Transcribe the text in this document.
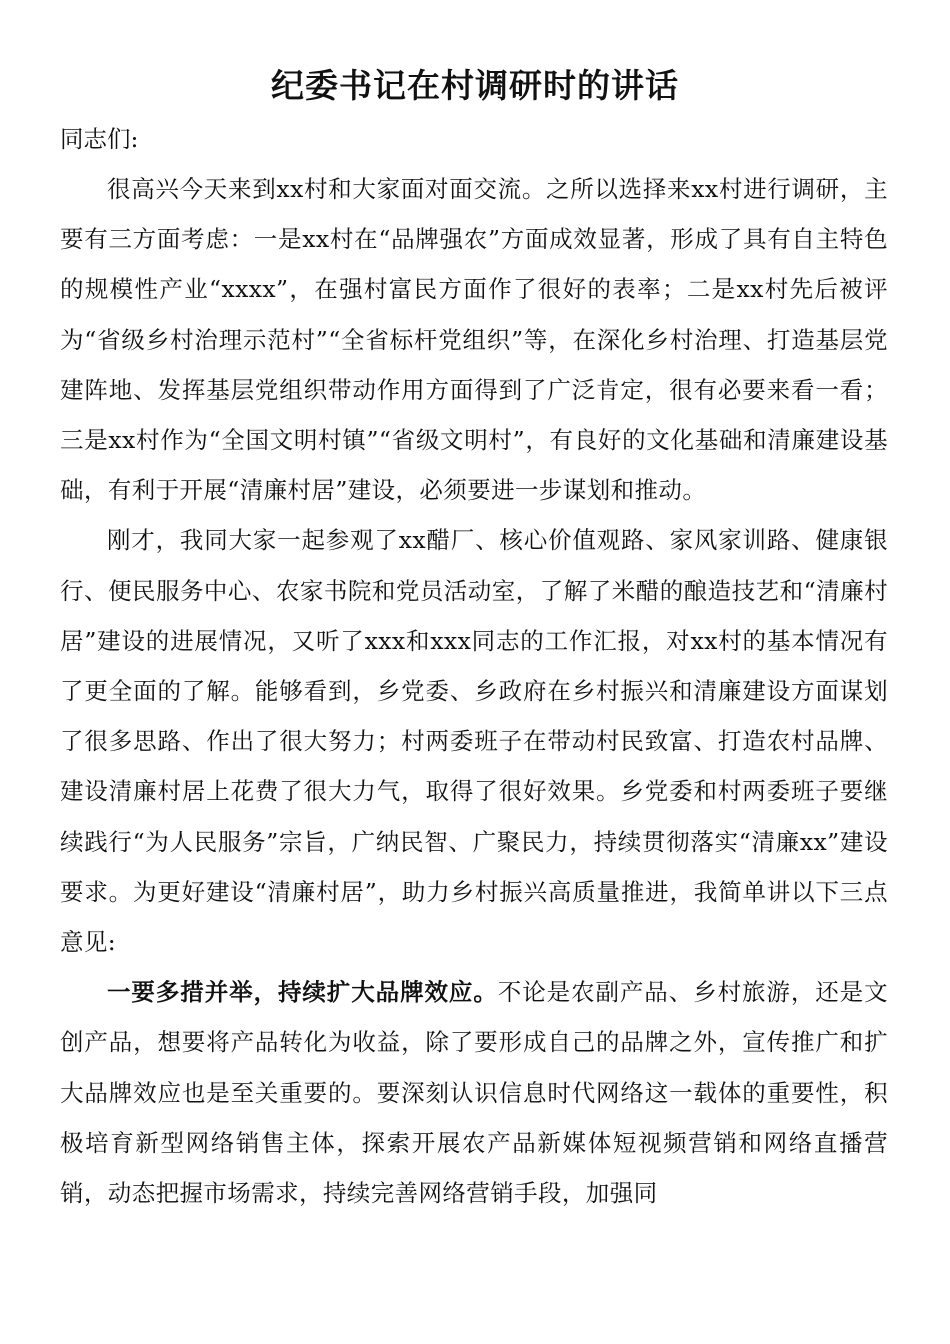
纪委书记在村调研时的讲话

同志们:

很高兴今天来到xx村和大家面对面交流。之所以选择来xx村进行调研，主要有三方面考虑：一是xx村在“品牌强农”方面成效显著，形成了具有自主特色的规模性产业“xxxx”，在强村富民方面作了很好的表率；二是xx村先后被评为“省级乡村治理示范村”“全省标杆党组织”等，在深化乡村治理、打造基层党建阵地、发挥基层党组织带动作用方面得到了广泛肯定，很有必要来看一看；三是xx村作为“全国文明村镇”“省级文明村”，有良好的文化基础和清廉建设基础，有利于开展“清廉村居”建设，必须要进一步谋划和推动。

刚才，我同大家一起参观了xx醋厂、核心价值观路、家风家训路、健康银行、便民服务中心、农家书院和党员活动室，了解了米醋的酿造技艺和“清廉村居”建设的进展情况，又听了xxx和xxx同志的工作汇报，对xx村的基本情况有了更全面的了解。能够看到，乡党委、乡政府在乡村振兴和清廉建设方面谋划了很多思路、作出了很大努力；村两委班子在带动村民致富、打造农村品牌、建设清廉村居上花费了很大力气，取得了很好效果。乡党委和村两委班子要继续践行“为人民服务”宗旨，广纳民智、广聚民力，持续贯彻落实“清廉xx”建设要求。为更好建设“清廉村居”，助力乡村振兴高质量推进，我简单讲以下三点意见:

一要多措并举，持续扩大品牌效应。不论是农副产品、乡村旅游，还是文创产品，想要将产品转化为收益，除了要形成自己的品牌之外，宣传推广和扩大品牌效应也是至关重要的。要深刻认识信息时代网络这一载体的重要性，积极培育新型网络销售主体，探索开展农产品新媒体短视频营销和网络直播营销，动态把握市场需求，持续完善网络营销手段，加强同
